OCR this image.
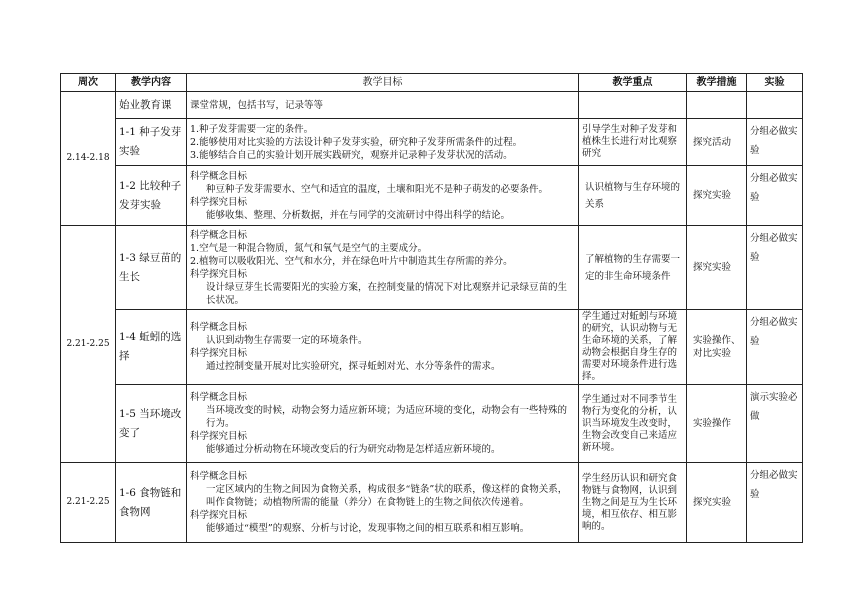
周次	教学内容	教学目标	教学重点	教学措施	实验
2.14-2.18	始业教育课	课堂常规，包括书写，记录等等			

	1-1 种子发芽实验	1.种子发芽需要一定的条件。

2.能够使用对比实验的方法设计种子发芽实验，研究种子发芽所需条件的过程。

3.能够结合自己的实验计划开展实践研究，观察并记录种子发芽状况的活动。	引导学生对种子发芽和植株生长进行对比观察研究	探究活动	分组必做实验
	1-2 比较种子发芽实验	科学概念目标

种豆种子发芽需要水、空气和适宜的温度，土壤和阳光不是种子萌发的必要条件。

科学探究目标

能够收集、整理、分析数据，并在与同学的交流研讨中得出科学的结论。	认识植物与生存环境的关系	探究实验	分组必做实验
2.21-2.25	1-3 绿豆苗的生长	科学概念目标

1.空气是一种混合物质，氮气和氧气是空气的主要成分。

2.植物可以吸收阳光、空气和水分，并在绿色叶片中制造其生存所需的养分。

科学探究目标

设计绿豆芽生长需要阳光的实验方案，在控制变量的情况下对比观察并记录绿豆苗的生长状况。	了解植物的生存需要一定的非生命环境条件	探究实验	分组必做实验
	1-4 蚯蚓的选择	科学概念目标

认识到动物生存需要一定的环境条件。

科学探究目标

通过控制变量开展对比实验研究，探寻蚯蚓对光、水分等条件的需求。	学生通过对蚯蚓与环境的研究，认识动物与无生命环境的关系，了解动物会根据自身生存的需要对环境条件进行选择。	实验操作、对比实验	分组必做实验
	1-5 当环境改变了	科学概念目标

当环境改变的时候，动物会努力适应新环境；为适应环境的变化，动物会有一些特殊的行为。

科学探究目标

能够通过分析动物在环境改变后的行为研究动物是怎样适应新环境的。	学生通过对不同季节生物行为变化的分析，认识当环境发生改变时，生物会改变自己来适应新环境。	实验操作	演示实验必做
2.21-2.25	1-6 食物链和食物网	科学概念目标

一定区域内的生物之间因为食物关系，构成很多“链条”状的联系，像这样的食物关系，叫作食物链；动植物所需的能量（养分）在食物链上的生物之间依次传递着。

科学探究目标

能够通过“模型”的观察、分析与讨论，发现事物之间的相互联系和相互影响。	学生经历认识和研究食物链与食物网，认识到生物之间是互为生长环境，相互依存、相互影响的。	探究实验	分组必做实验
